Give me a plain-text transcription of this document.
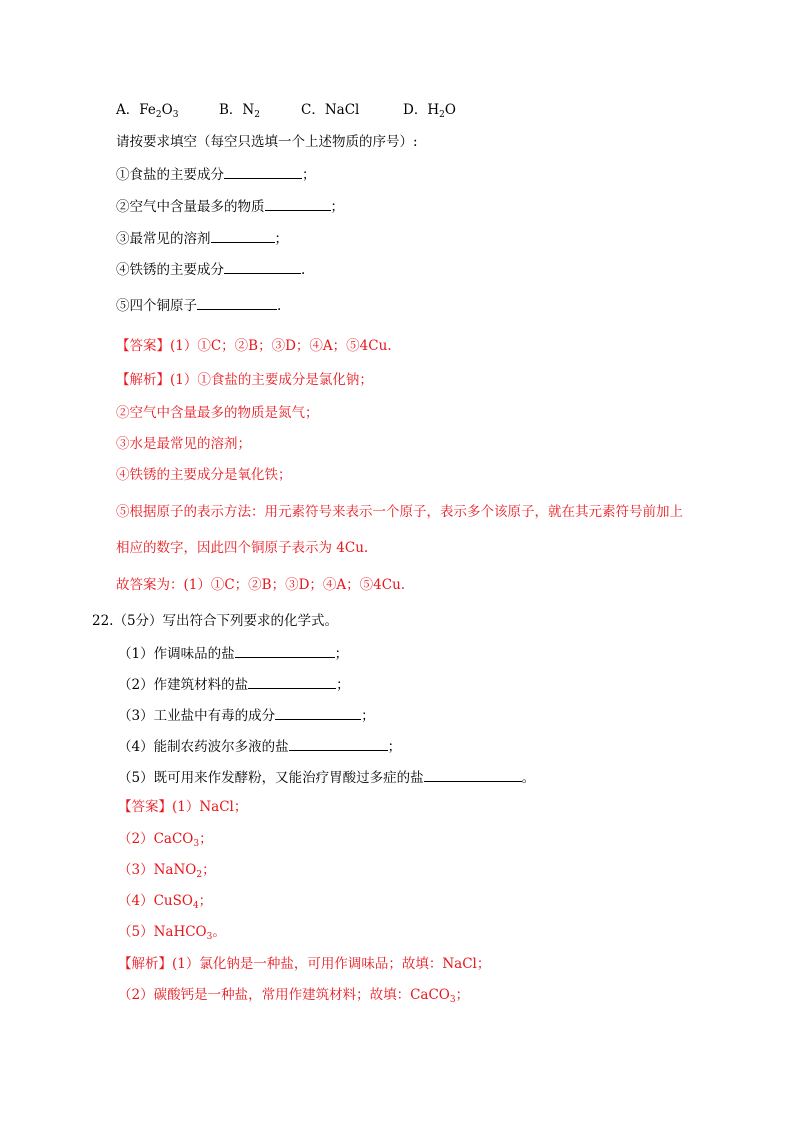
A．$Fe_2O_3$	B．$N_2$	C．NaCl	D．$H_2O$
请按要求填空（每空只选填一个上述物质的序号）:
①食盐的主要成分	；
②空气中含量最多的物质	；
③最常见的溶剂	；
④铁锈的主要成分	.
⑤四个铜原子	.
【答案】(1）①C；②B；③D；④A；⑤4Cu.
【解析】(1）①食盐的主要成分是氯化钠；
②空气中含量最多的物质是氮气；
③水是最常见的溶剂；
④铁锈的主要成分是氧化铁；
⑤根据原子的表示方法：用元素符号来表示一个原子，表示多个该原子，就在其元素符号前加上
相应的数字，因此四个铜原子表示为 4Cu.
故答案为：(1）①C；②B；③D；④A；⑤4Cu.
22.（5分）写出符合下列要求的化学式。
（1）作调味品的盐	；
（2）作建筑材料的盐	；
（3）工业盐中有毒的成分	；
（4）能制农药波尔多液的盐	；
（5）既可用来作发酵粉，又能治疗胃酸过多症的盐	。
【答案】(1）NaCl；
（2）CaCO$_3$；
（3）NaNO$_2$；
（4）CuSO$_4$；
（5）NaHCO$_3$。
【解析】(1）氯化钠是一种盐，可用作调味品；故填：NaCl；
（2）碳酸钙是一种盐，常用作建筑材料；故填：CaCO$_3$；
